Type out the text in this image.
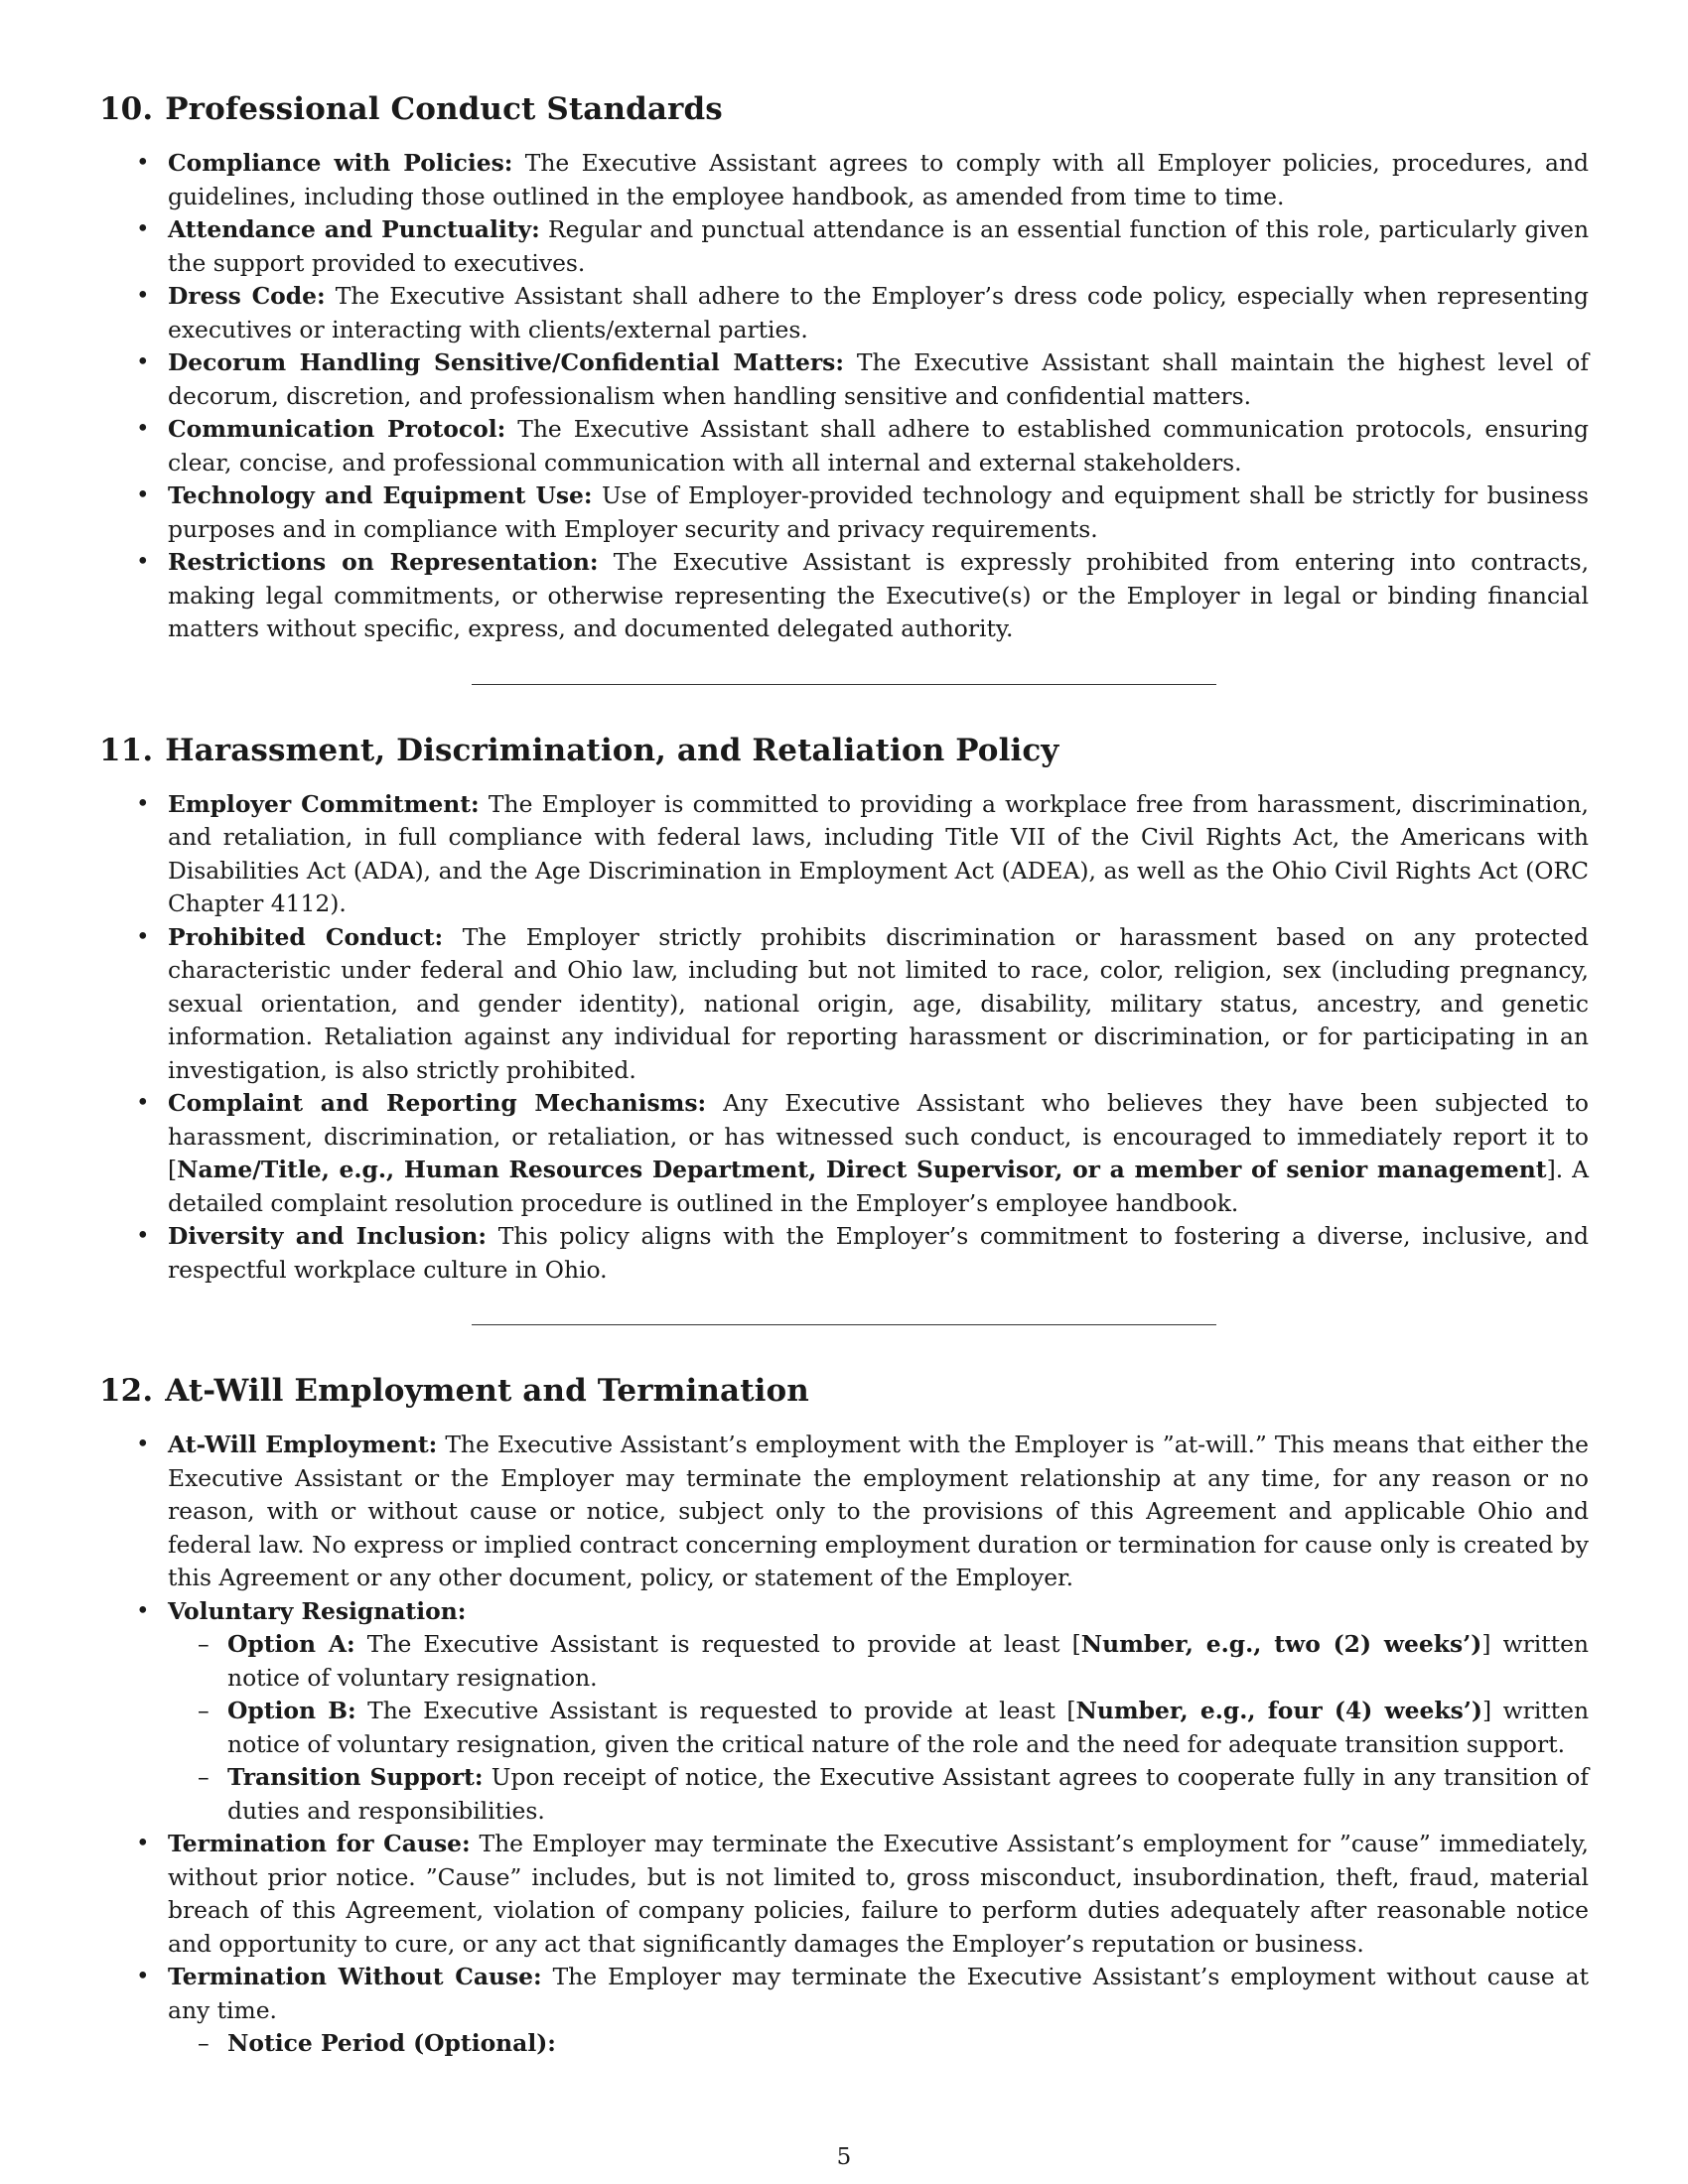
10. Professional Conduct Standards
• Compliance with Policies: The Executive Assistant agrees to comply with all Employer policies, procedures, and guidelines, including those outlined in the employee handbook, as amended from time to time.
• Attendance and Punctuality: Regular and punctual attendance is an essential function of this role, particularly given the support provided to executives.
• Dress Code: The Executive Assistant shall adhere to the Employer’s dress code policy, especially when representing executives or interacting with clients/external parties.
• Decorum Handling Sensitive/Confidential Matters: The Executive Assistant shall maintain the highest level of decorum, discretion, and professionalism when handling sensitive and confidential matters.
• Communication Protocol: The Executive Assistant shall adhere to established communication protocols, ensuring clear, concise, and professional communication with all internal and external stakeholders.
• Technology and Equipment Use: Use of Employer-provided technology and equipment shall be strictly for business purposes and in compliance with Employer security and privacy requirements.
• Restrictions on Representation: The Executive Assistant is expressly prohibited from entering into contracts, making legal commitments, or otherwise representing the Executive(s) or the Employer in legal or binding financial matters without specific, express, and documented delegated authority.
11. Harassment, Discrimination, and Retaliation Policy
• Employer Commitment: The Employer is committed to providing a workplace free from harassment, discrimination, and retaliation, in full compliance with federal laws, including Title VII of the Civil Rights Act, the Americans with Disabilities Act (ADA), and the Age Discrimination in Employment Act (ADEA), as well as the Ohio Civil Rights Act (ORC Chapter 4112).
• Prohibited Conduct: The Employer strictly prohibits discrimination or harassment based on any protected characteristic under federal and Ohio law, including but not limited to race, color, religion, sex (including pregnancy, sexual orientation, and gender identity), national origin, age, disability, military status, ancestry, and genetic information. Retaliation against any individual for reporting harassment or discrimination, or for participating in an investigation, is also strictly prohibited.
• Complaint and Reporting Mechanisms: Any Executive Assistant who believes they have been subjected to harassment, discrimination, or retaliation, or has witnessed such conduct, is encouraged to immediately report it to [Name/Title, e.g., Human Resources Department, Direct Supervisor, or a member of senior management]. A detailed complaint resolution procedure is outlined in the Employer’s employee handbook.
• Diversity and Inclusion: This policy aligns with the Employer’s commitment to fostering a diverse, inclusive, and respectful workplace culture in Ohio.
12. At-Will Employment and Termination
• At-Will Employment: The Executive Assistant’s employment with the Employer is ”at-will.” This means that either the Executive Assistant or the Employer may terminate the employment relationship at any time, for any reason or no reason, with or without cause or notice, subject only to the provisions of this Agreement and applicable Ohio and federal law. No express or implied contract concerning employment duration or termination for cause only is created by this Agreement or any other document, policy, or statement of the Employer.
• Voluntary Resignation:
– Option A: The Executive Assistant is requested to provide at least [Number, e.g., two (2) weeks’)] written notice of voluntary resignation.
– Option B: The Executive Assistant is requested to provide at least [Number, e.g., four (4) weeks’)] written notice of voluntary resignation, given the critical nature of the role and the need for adequate transition support.
– Transition Support: Upon receipt of notice, the Executive Assistant agrees to cooperate fully in any transition of duties and responsibilities.
• Termination for Cause: The Employer may terminate the Executive Assistant’s employment for ”cause” immediately, without prior notice. ”Cause” includes, but is not limited to, gross misconduct, insubordination, theft, fraud, material breach of this Agreement, violation of company policies, failure to perform duties adequately after reasonable notice and opportunity to cure, or any act that significantly damages the Employer’s reputation or business.
• Termination Without Cause: The Employer may terminate the Executive Assistant’s employment without cause at any time.
– Notice Period (Optional):
5
